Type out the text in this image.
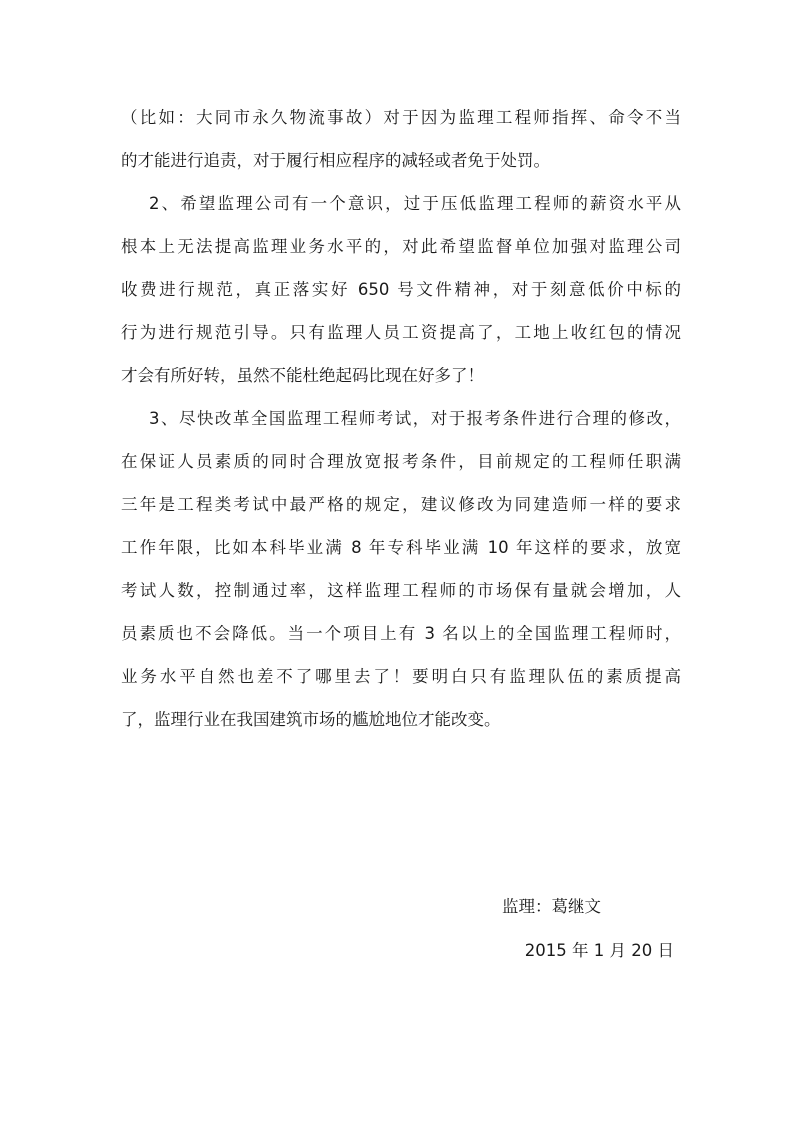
（比如：大同市永久物流事故）对于因为监理工程师指挥、命令不当
的才能进行追责，对于履行相应程序的减轻或者免于处罚。
2、希望监理公司有一个意识，过于压低监理工程师的薪资水平从
根本上无法提高监理业务水平的，对此希望监督单位加强对监理公司
收费进行规范，真正落实好 650 号文件精神，对于刻意低价中标的
行为进行规范引导。只有监理人员工资提高了，工地上收红包的情况
才会有所好转，虽然不能杜绝起码比现在好多了！
3、尽快改革全国监理工程师考试，对于报考条件进行合理的修改，
在保证人员素质的同时合理放宽报考条件，目前规定的工程师任职满
三年是工程类考试中最严格的规定，建议修改为同建造师一样的要求
工作年限，比如本科毕业满 8 年专科毕业满 10 年这样的要求，放宽
考试人数，控制通过率，这样监理工程师的市场保有量就会增加，人
员素质也不会降低。当一个项目上有 3 名以上的全国监理工程师时，
业务水平自然也差不了哪里去了！要明白只有监理队伍的素质提高
了，监理行业在我国建筑市场的尴尬地位才能改变。
监理：葛继文
2015 年 1 月 20 日
